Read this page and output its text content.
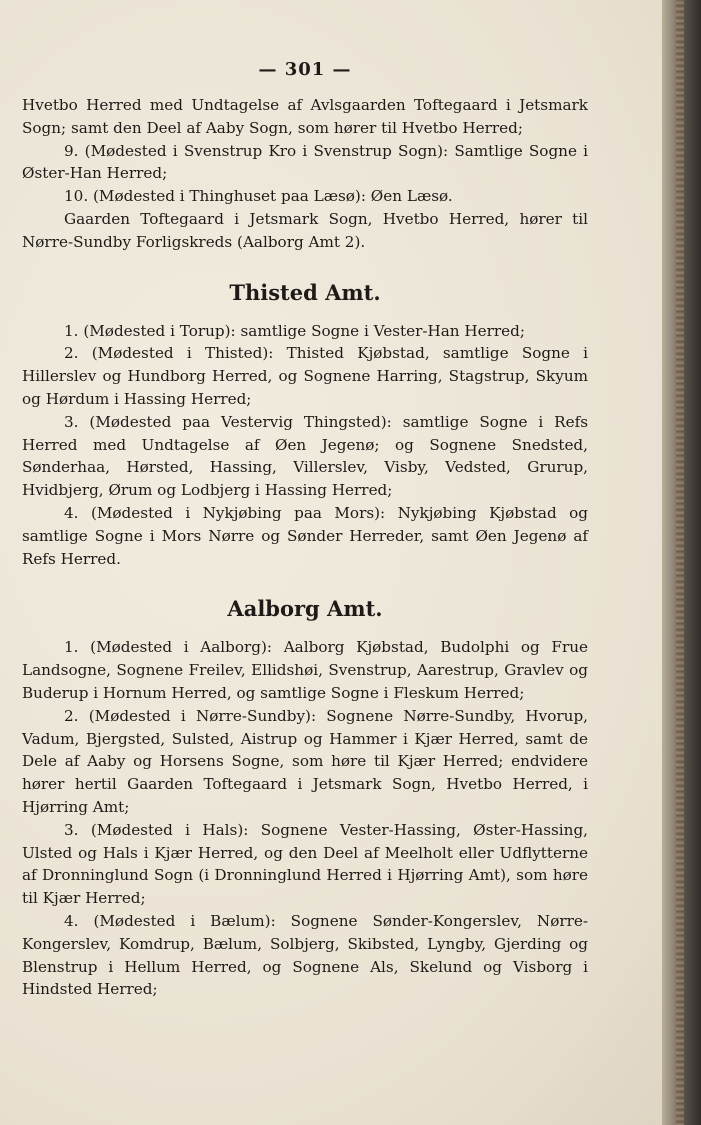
— 301 —

Hvetbo Herred med Undtagelse af Avlsgaarden Toftegaard i Jetsmark Sogn; samt den Deel af Aaby Sogn, som hører til Hvetbo Herred;

9. (Mødested i Svenstrup Kro i Svenstrup Sogn): Samtlige Sogne i Øster-Han Herred;

10. (Mødested i Thinghuset paa Læsø): Øen Læsø.

Gaarden Toftegaard i Jetsmark Sogn, Hvetbo Herred, hører til Nørre-Sundby Forligskreds (Aalborg Amt 2).

Thisted Amt.

1. (Mødested i Torup): samtlige Sogne i Vester-Han Herred;

2. (Mødested i Thisted): Thisted Kjøbstad, samtlige Sogne i Hillerslev og Hundborg Herred, og Sognene Harring, Stagstrup, Skyum og Hørdum i Hassing Herred;

3. (Mødested paa Vestervig Thingsted): samtlige Sogne i Refs Herred med Undtagelse af Øen Jegenø; og Sognene Snedsted, Sønderhaa, Hørsted, Hassing, Villerslev, Visby, Vedsted, Grurup, Hvidbjerg, Ørum og Lodbjerg i Hassing Herred;

4. (Mødested i Nykjøbing paa Mors): Nykjøbing Kjøbstad og samtlige Sogne i Mors Nørre og Sønder Herreder, samt Øen Jegenø af Refs Herred.

Aalborg Amt.

1. (Mødested i Aalborg): Aalborg Kjøbstad, Budolphi og Frue Landsogne, Sognene Freilev, Ellidshøi, Svenstrup, Aarestrup, Gravlev og Buderup i Hornum Herred, og samtlige Sogne i Fleskum Herred;

2. (Mødested i Nørre-Sundby): Sognene Nørre-Sundby, Hvorup, Vadum, Bjergsted, Sulsted, Aistrup og Hammer i Kjær Herred, samt de Dele af Aaby og Horsens Sogne, som høre til Kjær Herred; endvidere hører hertil Gaarden Toftegaard i Jetsmark Sogn, Hvetbo Herred, i Hjørring Amt;

3. (Mødested i Hals): Sognene Vester-Hassing, Øster-Hassing, Ulsted og Hals i Kjær Herred, og den Deel af Meelholt eller Udflytterne af Dronninglund Sogn (i Dronninglund Herred i Hjørring Amt), som høre til Kjær Herred;

4. (Mødested i Bælum): Sognene Sønder-Kongerslev, Nørre-Kongerslev, Komdrup, Bælum, Solbjerg, Skibsted, Lyngby, Gjerding og Blenstrup i Hellum Herred, og Sognene Als, Skelund og Visborg i Hindsted Herred;
